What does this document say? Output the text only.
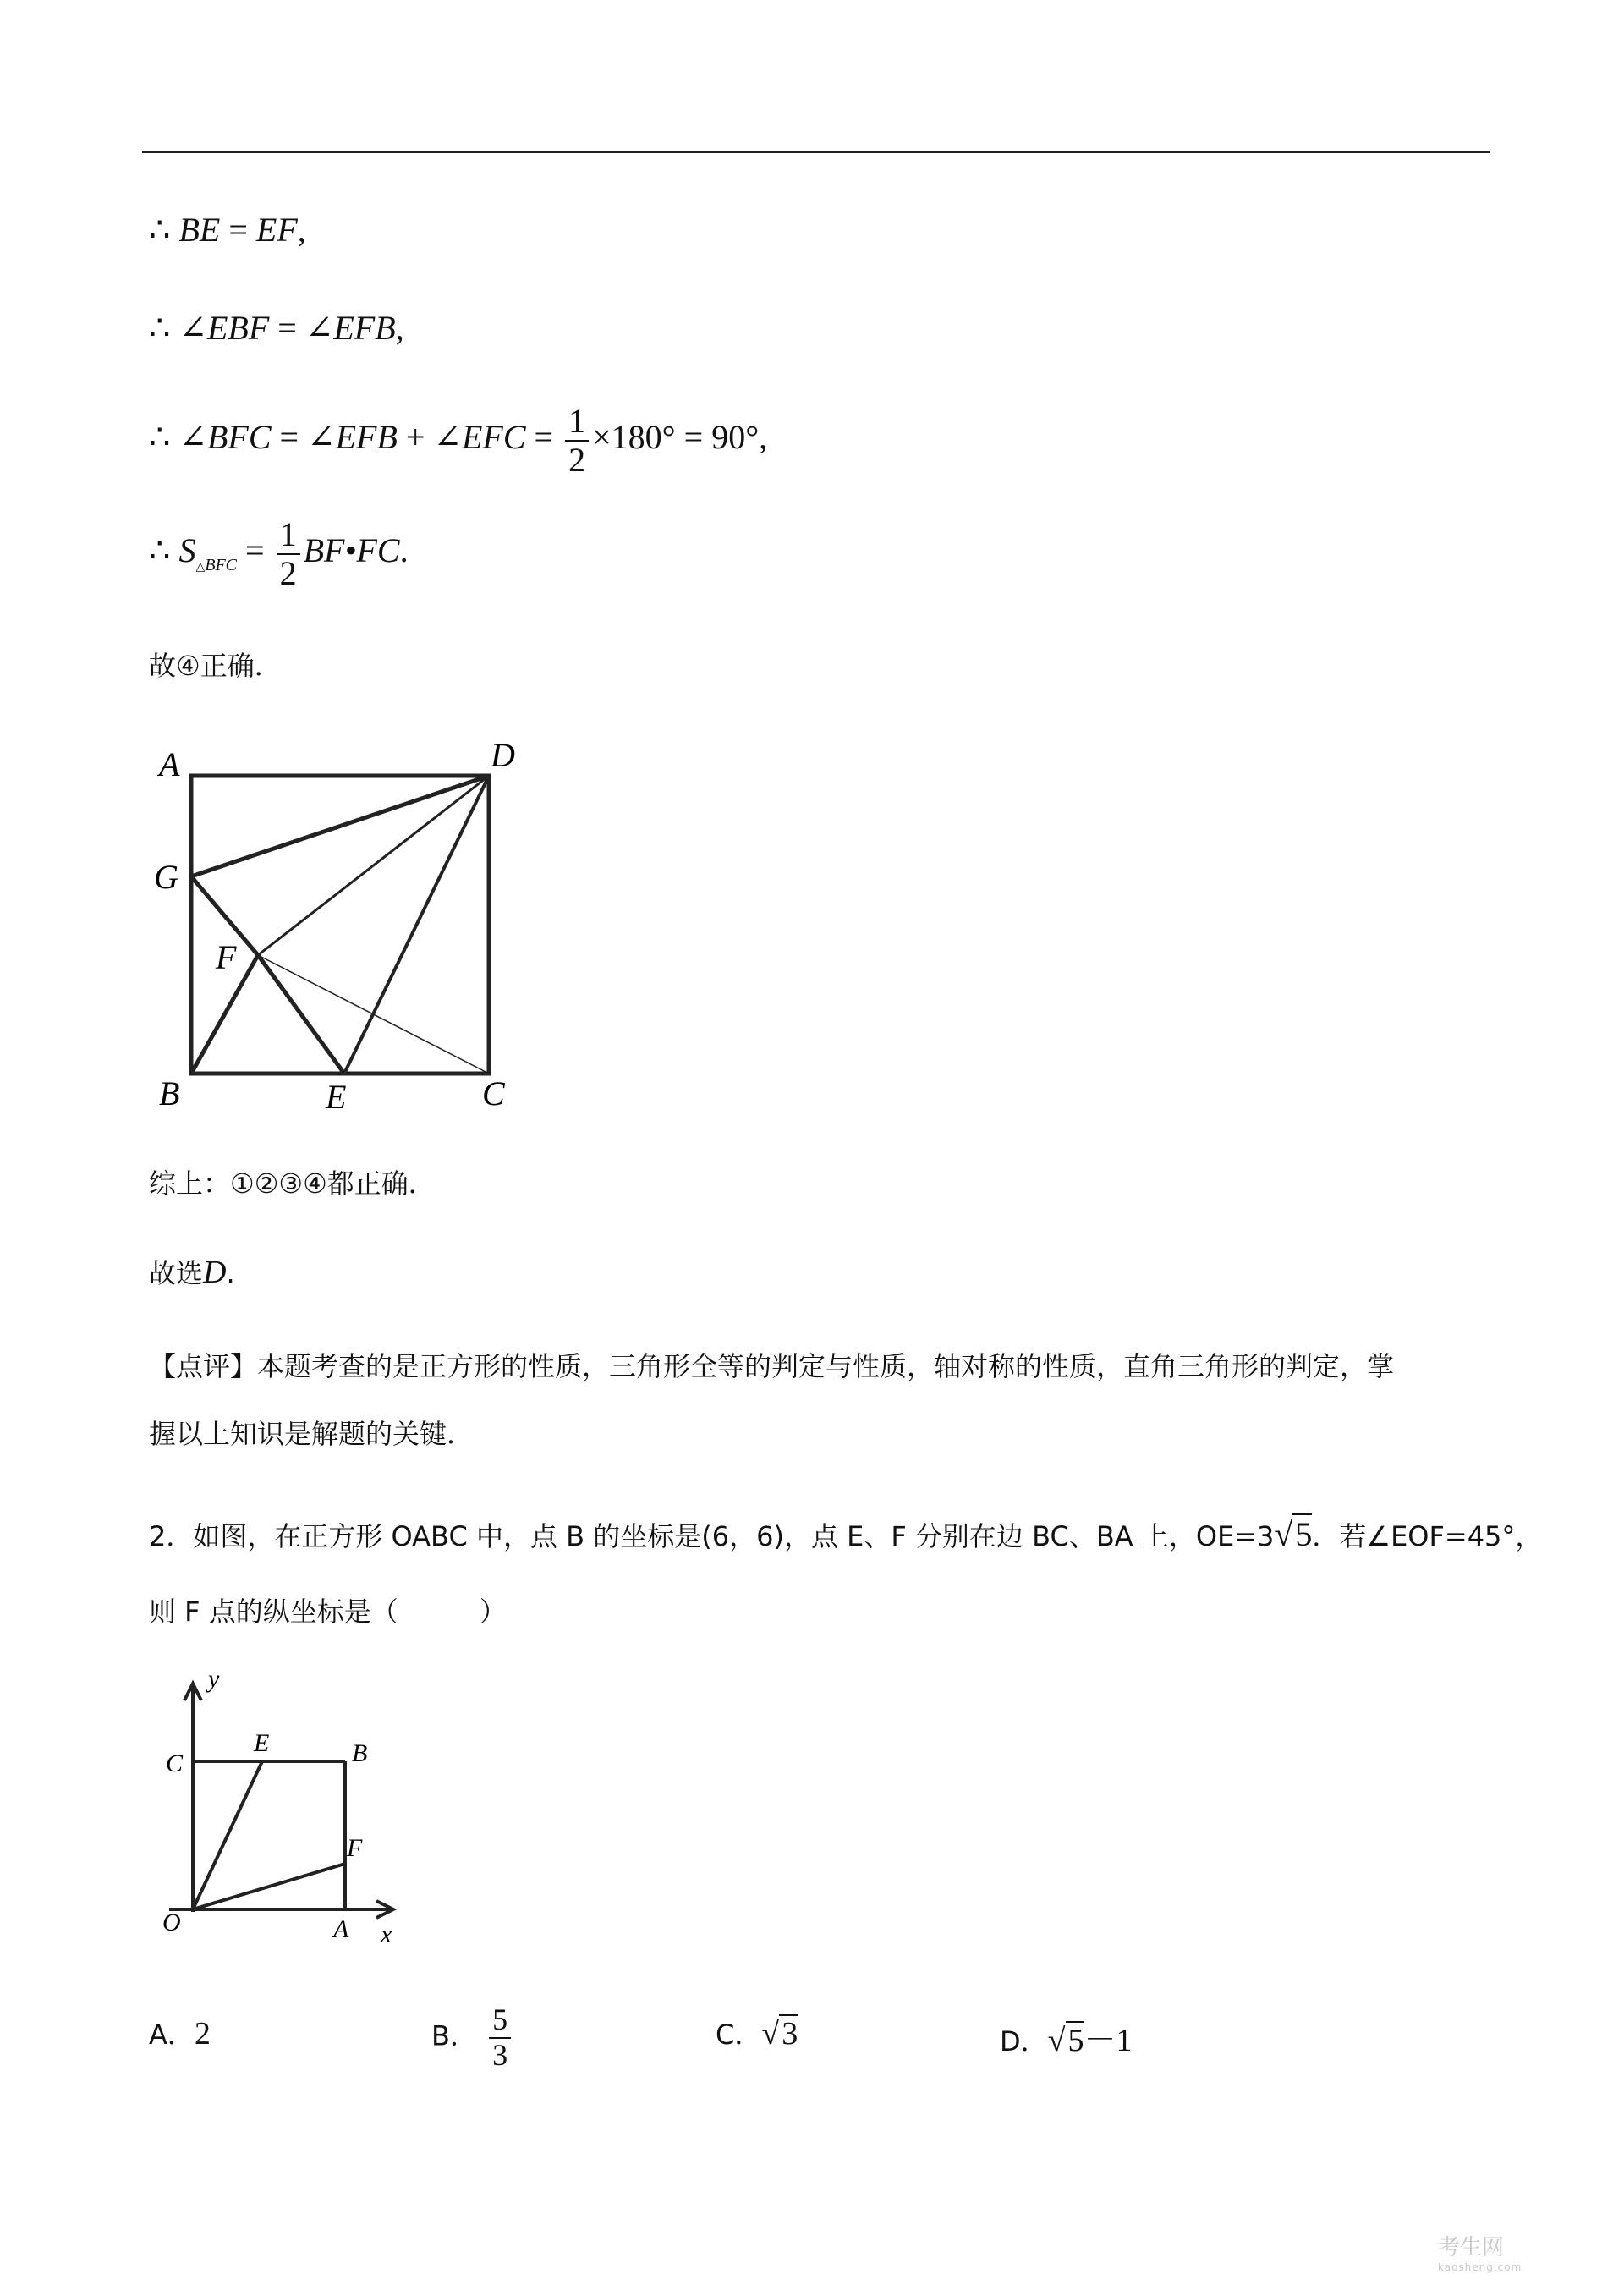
∴ BE = EF,
∴ ∠EBF = ∠EFB,
∴ ∠BFC = ∠EFB + ∠EFC = $\frac{1}{2} \times 180^\circ = 90^\circ$,
∴ $S_{\triangle BFC} = \frac{1}{2}$ BF•FC.
故④正确．
A	D
G
F
B	E	C
综上：①②③④都正确．
故选D.
【点评】本题考查的是正方形的性质，三角形全等的判定与性质，轴对称的性质，直角三角形的判定，掌
握以上知识是解题的关键．
2．如图，在正方形 OABC 中，点 B 的坐标是(6，6)，点 E、F 分别在边 BC、BA 上，OE=3√5．若∠EOF=45°，
则 F 点的纵坐标是（　　　）
y
x
C
E	B
F
O	A
A．2	B． $\frac{5}{3}$	C．√3	D．√5－1
考生网
kaosheng.com
